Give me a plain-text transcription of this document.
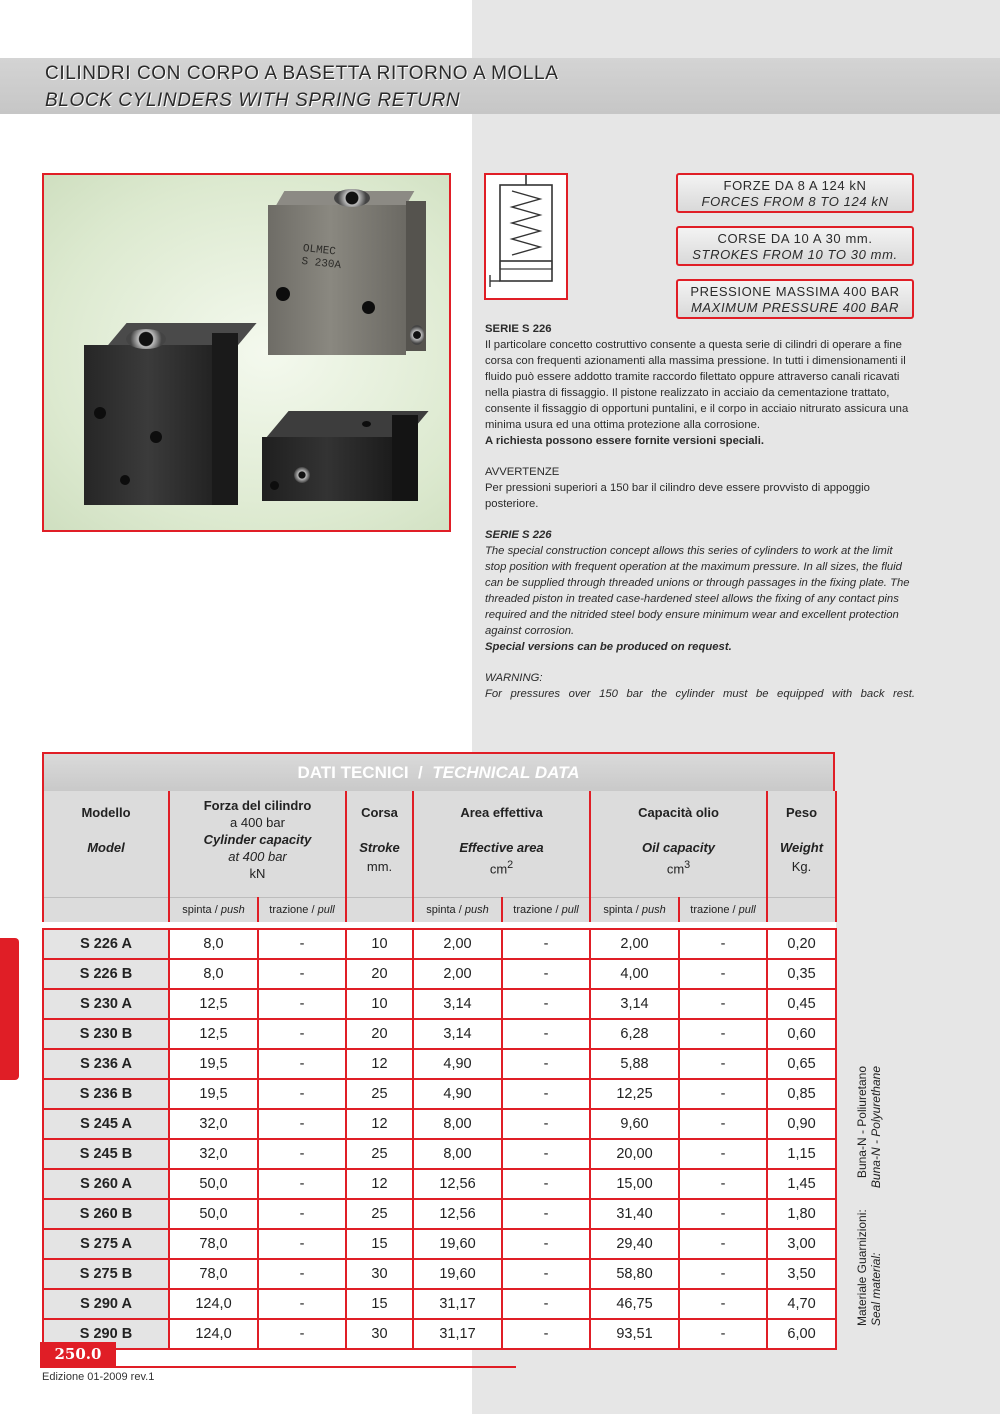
CILINDRI CON CORPO A BASETTA RITORNO A MOLLA
BLOCK CYLINDERS WITH SPRING RETURN
OLMEC
S 230A
FORZE DA 8 A 124 kN
FORCES FROM 8 TO 124 kN
CORSE DA 10 A 30 mm.
STROKES FROM 10 TO 30 mm.
PRESSIONE MASSIMA 400 BAR
MAXIMUM PRESSURE 400 BAR
SERIE S 226
Il particolare concetto costruttivo consente a questa serie di cilindri di operare a fine corsa con frequenti azionamenti alla massima pressione. In tutti i dimensionamenti il fluido può essere addotto tramite raccordo filettato oppure attraverso canali ricavati nella piastra di fissaggio. Il pistone realizzato in acciaio da cementazione trattato, consente il fissaggio di opportuni puntalini, e il corpo in acciaio nitrurato assicura una minima usura ed una ottima protezione alla corrosione.
A richiesta possono essere fornite versioni speciali.
AVVERTENZE
Per pressioni superiori a 150 bar il cilindro deve essere provvisto di appoggio posteriore.
SERIE S 226
The special construction concept allows this series of cylinders to work at the limit stop position with frequent operation at the maximum pressure. In all sizes, the fluid can be supplied through threaded unions or through passages in the fixing plate. The threaded piston in treated case-hardened steel allows the fixing of any contact pins required and the nitrided steel body ensure minimum wear and excellent protection against corrosion.
Special versions can be produced on request.
WARNING:
For pressures over 150 bar the cylinder must be equipped with back rest.
DATI TECNICI / TECHNICAL DATA
Modello
Model	Forza del cilindro
a 400 bar
Cylinder capacity
at 400 bar
kN		Corsa
Stroke
mm.	Area effettiva
Effective area
$cm^2$		Capacità olio
Oil capacity
$cm^3$		Peso
Weight
Kg.

	spinta / push	trazione / pull		spinta / push	trazione / pull	spinta / push	trazione / pull	

S 226 A	8,0	-	10	2,00	-	2,00	-	0,20
S 226 B	8,0	-	20	2,00	-	4,00	-	0,35
S 230 A	12,5	-	10	3,14	-	3,14	-	0,45
S 230 B	12,5	-	20	3,14	-	6,28	-	0,60
S 236 A	19,5	-	12	4,90	-	5,88	-	0,65
S 236 B	19,5	-	25	4,90	-	12,25	-	0,85
S 245 A	32,0	-	12	8,00	-	9,60	-	0,90
S 245 B	32,0	-	25	8,00	-	20,00	-	1,15
S 260 A	50,0	-	12	12,56	-	15,00	-	1,45
S 260 B	50,0	-	25	12,56	-	31,40	-	1,80
S 275 A	78,0	-	15	19,60	-	29,40	-	3,00
S 275 B	78,0	-	30	19,60	-	58,80	-	3,50
S 290 A	124,0	-	15	31,17	-	46,75	-	4,70
S 290 B	124,0	-	30	31,17	-	93,51	-	6,00
Materiale Guarnizioni:
Buna-N - Poliuretano
Seal material:
Buna-N - Polyurethane
250.0
Edizione 01-2009 rev.1
